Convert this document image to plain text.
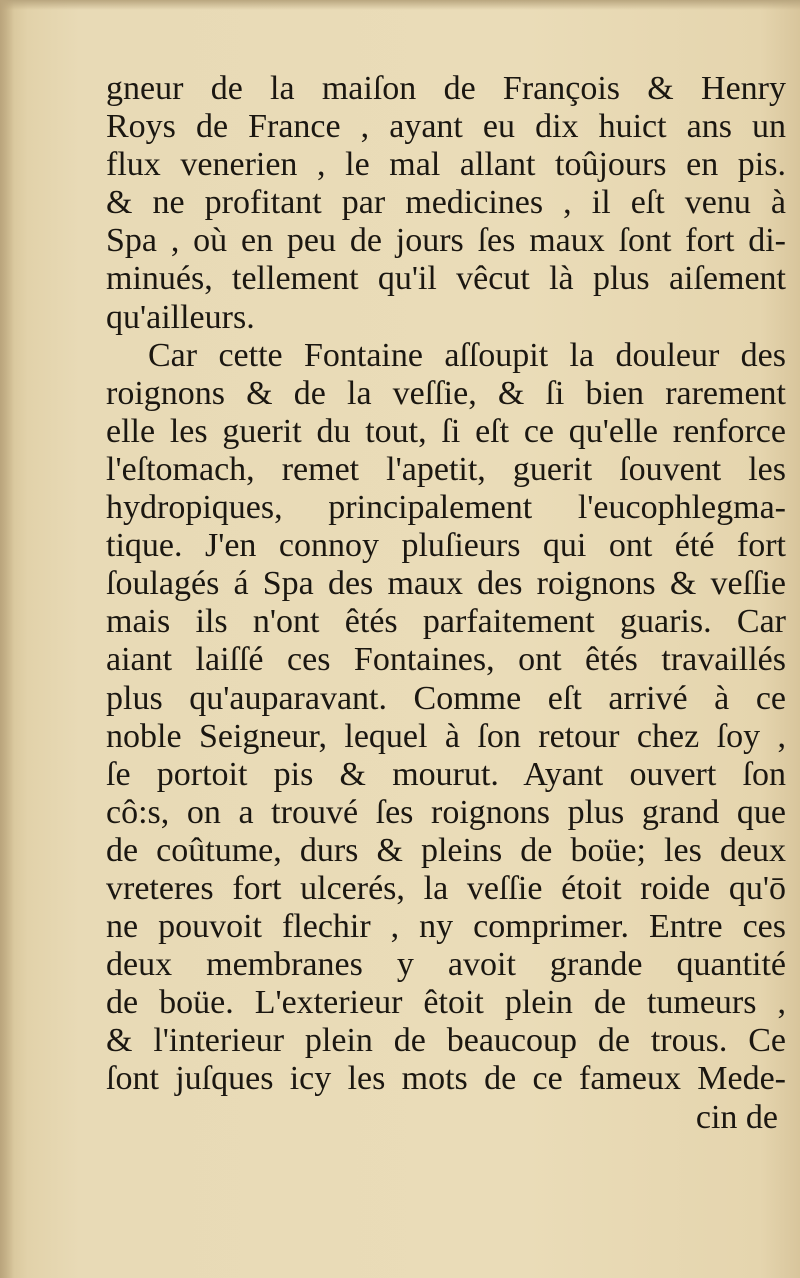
gneur de la maiſon de François & Henry
Roys de France , ayant eu dix huict ans un
flux venerien , le mal allant toûjours en pis.
& ne profitant par medicines , il eſt venu à
Spa , où en peu de jours ſes maux ſont fort di-
minués, tellement qu'il vêcut là plus aiſement
qu'ailleurs.
Car cette Fontaine aſſoupit la douleur des
roignons & de la veſſie, & ſi bien rarement
elle les guerit du tout, ſi eſt ce qu'elle renforce
l'eſtomach, remet l'apetit, guerit ſouvent les
hydropiques, principalement l'eucophlegma-
tique. J'en connoy pluſieurs qui ont été fort
ſoulagés á Spa des maux des roignons & veſſie
mais ils n'ont êtés parfaitement guaris. Car
aiant laiſſé ces Fontaines, ont êtés travaillés
plus qu'auparavant. Comme eſt arrivé à ce
noble Seigneur, lequel à ſon retour chez ſoy ,
ſe portoit pis & mourut. Ayant ouvert ſon
cô:s, on a trouvé ſes roignons plus grand que
de coûtume, durs & pleins de boüe; les deux
vreteres fort ulcerés, la veſſie étoit roide qu'ō
ne pouvoit flechir , ny comprimer. Entre ces
deux membranes y avoit grande quantité
de boüe. L'exterieur êtoit plein de tumeurs ,
& l'interieur plein de beaucoup de trous. Ce
ſont juſques icy les mots de ce fameux Mede-
cin de
